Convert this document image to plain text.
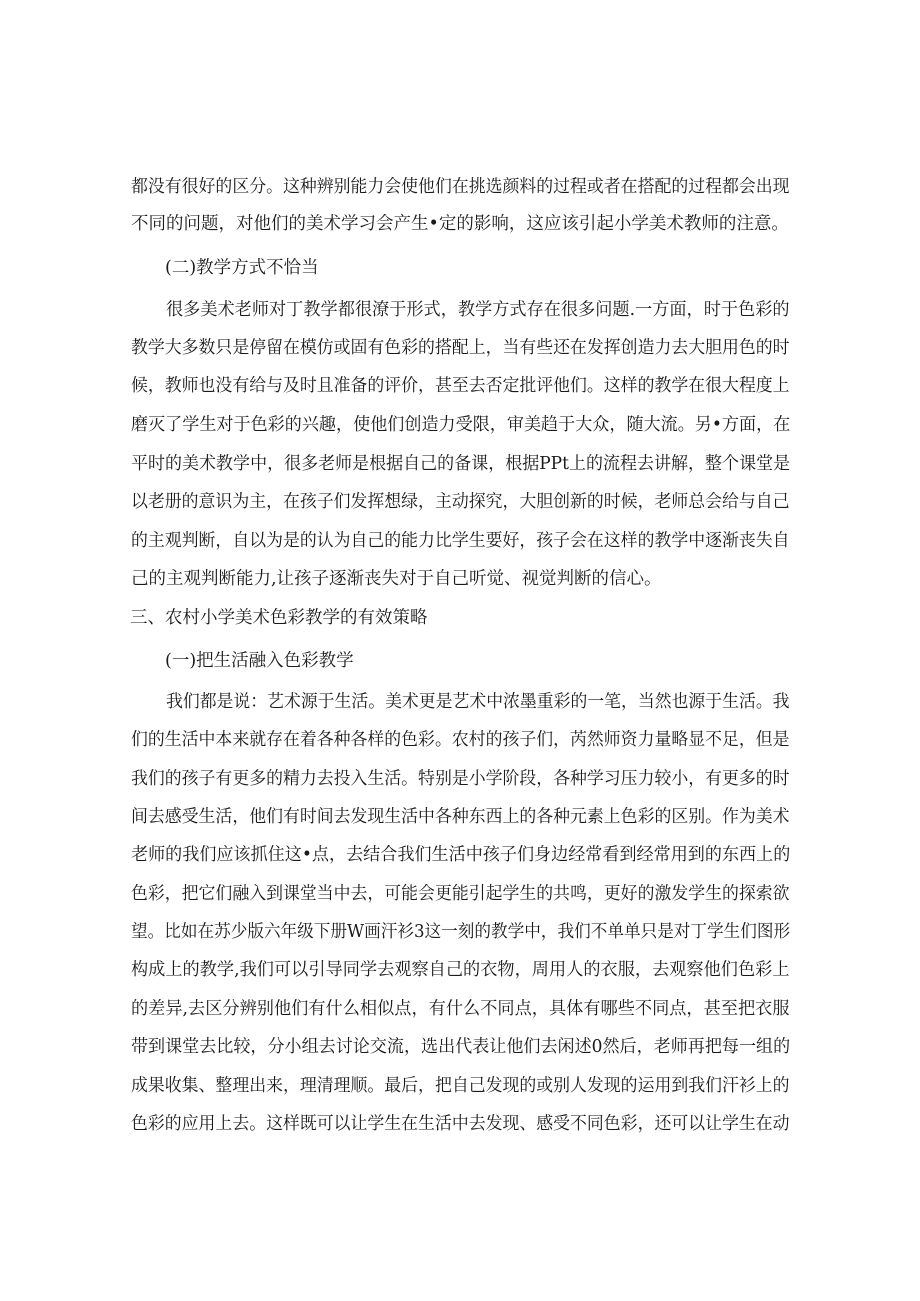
都没有很好的区分。这种辨别能力会使他们在挑选颜料的过程或者在搭配的过程都会出现
不同的问题，对他们的美术学习会产生•定的影响，这应该引起小学美术教师的注意。
(二)教学方式不恰当
很多美术老师对丁教学都很潦于形式，教学方式存在很多问题.一方面，时于色彩的
教学大多数只是停留在模仿或固有色彩的搭配上，当有些还在发挥创造力去大胆用色的时
候，教师也没有给与及时且准备的评价，甚至去否定批评他们。这样的教学在很大程度上
磨灭了学生对于色彩的兴趣，使他们创造力受限，审美趋于大众，随大流。另•方面，在
平时的美术教学中，很多老师是根据自己的备课，根据PPt上的流程去讲解，整个课堂是
以老册的意识为主，在孩子们发挥想绿，主动探究，大胆创新的时候，老师总会给与自己
的主观判断，自以为是的认为自己的能力比学生要好，孩子会在这样的教学中逐渐丧失自
己的主观判断能力,让孩子逐渐丧失对于自己听觉、视觉判断的信心。
三、农村小学美术色彩教学的有效策略
(一)把生活融入色彩教学
我们都是说：艺术源于生活。美术更是艺术中浓墨重彩的一笔，当然也源于生活。我
们的生活中本来就存在着各种各样的色彩。农村的孩子们，芮然师资力量略显不足，但是
我们的孩子有更多的精力去投入生活。特别是小学阶段，各种学习压力较小，有更多的时
间去感受生活，他们有时间去发现生活中各种东西上的各种元素上色彩的区别。作为美术
老师的我们应该抓住这•点，去结合我们生活中孩子们身边经常看到经常用到的东西上的
色彩，把它们融入到课堂当中去，可能会更能引起学生的共鸣，更好的激发学生的探索欲
望。比如在苏少版六年级下册W画汗衫3这一刻的教学中，我们不单单只是对丁学生们图形
构成上的教学,我们可以引导同学去观察自己的衣物，周用人的衣服，去观察他们色彩上
的差异,去区分辨别他们有什么相似点，有什么不同点，具体有哪些不同点，甚至把衣服
带到课堂去比较，分小组去讨论交流，选出代表让他们去闲述0然后，老师再把每一组的
成果收集、整理出来，理清理顺。最后，把自己发现的或别人发现的运用到我们汗衫上的
色彩的应用上去。这样既可以让学生在生活中去发现、感受不同色彩，还可以让学生在动
